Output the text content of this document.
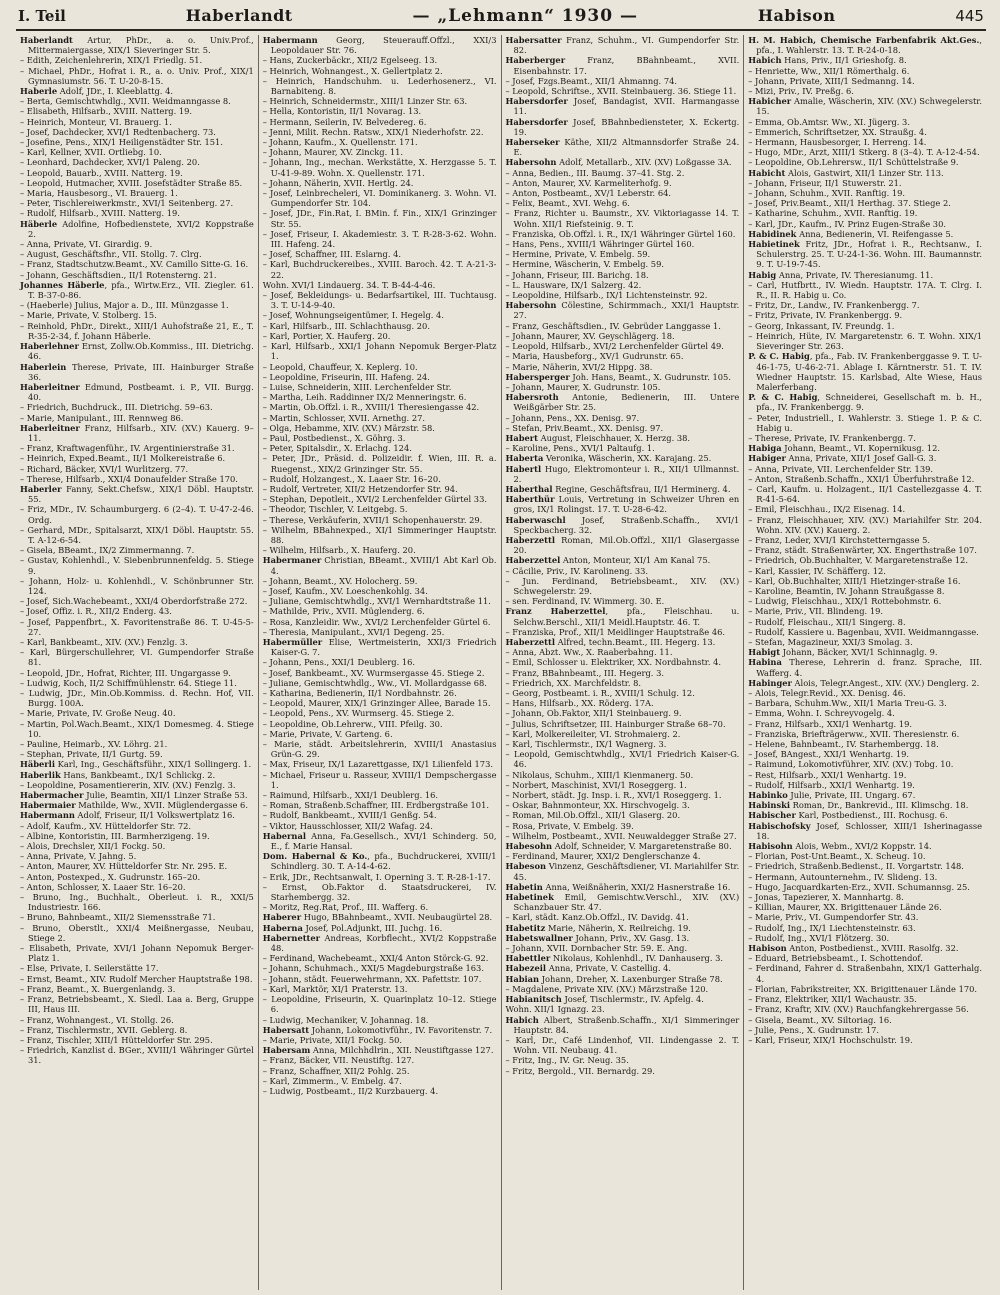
I. Teil	Haberlandt	— „Lehmann“ 1930 —	Habison	445

Haberlandt Artur, PhDr., a. o. Univ.Prof., Mittermaiergasse, XIX/1 Sieveringer Str. 5.

– Edith, Zeichenlehrerin, XIX/1 Friedlg. 51.

– Michael, PhDr., Hofrat i. R., a. o. Univ. Prof., XIX/1 Gymnasiumstr. 56. T. U-20-8-15.

Haberle Adolf, JDr., I. Kleeblattg. 4.

– Berta, Gemischtwhdlg., XVII. Weidmanngasse 8.

– Elisabeth, Hilfsarb., XVIII. Natterg. 19.

– Heinrich, Monteur, VI. Brauerg. 1.

– Josef, Dachdecker, XVI/1 Redtenbacherg. 73.

– Josefine, Pens., XIX/1 Heiligenstädter Str. 151.

– Karl, Kellner, XVII. Ortliebg. 10.

– Leonhard, Dachdecker, XVI/1 Paleng. 20.

– Leopold, Bauarb., XVIII. Natterg. 19.

– Leopold, Hutmacher, XVIII. Josefstädter Straße 85.

– Maria, Hausbesorg., VI. Brauerg. 1.

– Peter, Tischlereiwerkmstr., XVI/1 Seitenberg. 27.

– Rudolf, Hilfsarb., XVIII. Natterg. 19.

Häberle Adolfine, Hofbedienstete, XVI/2 Koppstraße 2.

– Anna, Private, VI. Girardig. 9.

– August, Geschäftsfhr., VII. Stollg. 7. Clrg.

– Franz, Stadtschutzw.Beamt., XV. Camillo Sitte-G. 16.

– Johann, Geschäftsdien., II/1 Rotensterng. 21.

Johannes Häberle, pfa., Wirtw.Erz., VII. Ziegler. 61. T. B-37-0-86.

– (Haeberle) Julius, Major a. D., III. Münzgasse 1.

– Marie, Private, V. Stolberg. 15.

– Reinhold, PhDr., Direkt., XIII/1 Auhofstraße 21, E., T. R-35-2-34, f. Johann Häberle.

Haberlehner Ernst, Zollw.Ob.Kommiss., III. Dietrichg. 46.

Haberlein Therese, Private, III. Hainburger Straße 36.

Haberleitner Edmund, Postbeamt. i. P., VII. Burgg. 40.

– Friedrich, Buchdruck., III. Dietrichg. 59–63.

– Marie, Manipulant., III. Rennweg 86.

Haberleitner Franz, Hilfsarb., XIV. (XV.) Kauerg. 9–11.

– Franz, Kraftwagenführ., IV. Argentinierstraße 31.

– Heinrich, Exped.Beamt., II/1 Molkereistraße 6.

– Richard, Bäcker, XVI/1 Wurlitzerg. 77.

– Therese, Hilfsarb., XXI/4 Donaufelder Straße 170.

Haberler Fanny, Sekt.Chefsw., XIX/1 Döbl. Hauptstr. 55.

– Friz, MDr., IV. Schaumburgerg. 6 (2–4). T. U-47-2-46. Ordg.

– Gerhard, MDr., Spitalsarzt, XIX/1 Döbl. Hauptstr. 55. T. A-12-6-54.

– Gisela, BBeamt., IX/2 Zimmermanng. 7.

– Gustav, Kohlenhdl., V. Siebenbrunnenfeldg. 5. Stiege 9.

– Johann, Holz- u. Kohlenhdl., V. Schönbrunner Str. 124.

– Josef, Sich.Wachebeamt., XXI/4 Oberdorfstraße 272.

– Josef, Offiz. i. R., XII/2 Enderg. 43.

– Josef, Pappenfbrt., X. Favoritenstraße 86. T. U-45-5-27.

– Karl, Bankbeamt., XIV. (XV.) Fenzlg. 3.

– Karl, Bürgerschullehrer, VI. Gumpendorfer Straße 81.

– Leopold, JDr., Hofrat, Richter, III. Ungargasse 9.

– Ludwig, Koch, II/2 Schiffmühlenstr. 64. Stiege 11.

– Ludwig, JDr., Min.Ob.Kommiss. d. Rechn. Hof, VII. Burgg. 100A.

– Marie, Private, IV. Große Neug. 40.

– Martin, Pol.Wach.Beamt., XIX/1 Domesmeg. 4. Stiege 10.

– Pauline, Heimarb., XV. Löhrg. 21.

– Stephan, Private, II/1 Gurtg. 59.

Häberli Karl, Ing., Geschäftsführ., XIX/1 Sollingerg. 1.

Haberlik Hans, Bankbeamt., IX/1 Schlickg. 2.

– Leopoldine, Posamentiererin, XIV. (XV.) Fenzlg. 3.

Habermacher Julie, Beamtin, XII/1 Linzer Straße 53.

Habermaier Mathilde, Ww., XVII. Müglendergasse 6.

Habermann Adolf, Friseur, II/1 Volkswertplatz 16.

– Adolf, Kaufm., XV. Hütteldorfer Str. 72.

– Albine, Kontoristin, III. Barmherzigeng. 19.

– Alois, Drechsler, XII/1 Fockg. 50.

– Anna, Private, V. Jahng. 5.

– Anton, Maurer, XV. Hütteldorfer Str. Nr. 295. E.

– Anton, Postexped., X. Gudrunstr. 165–20.

– Anton, Schlosser, X. Laaer Str. 16–20.

– Bruno, Ing., Buchhalt., Oberleut. i. R., XXI/5 Industriestr. 166.

– Bruno, Bahnbeamt., XII/2 Siemensstraße 71.

– Bruno, Oberstlt., XXI/4 Meißnergasse, Neubau, Stiege 2.

– Elisabeth, Private, XVI/1 Johann Nepomuk Berger-Platz 1.

– Else, Private, I. Seilerstätte 17.

– Ernst, Beamt., XIV. Rudolf Mercher Hauptstraße 198.

– Franz, Beamt., X. Buergenlandg. 3.

– Franz, Betriebsbeamt., X. Siedl. Laa a. Berg, Gruppe III, Haus III.

– Franz, Wohnangest., VI. Stollg. 26.

– Franz, Tischlermstr., XVII. Geblerg. 8.

– Franz, Tischler, XIII/1 Hütteldorfer Str. 295.

– Friedrich, Kanzlist d. BGer., XVIII/1 Währinger Gürtel 31.

Habermann Georg, Steuerauff.Offzl., XXI/3 Leopoldauer Str. 76.

– Hans, Zuckerbäckr., XII/2 Egelseeg. 13.

– Heinrich, Wohnangest., X. Gellertplatz 2.

– Heinrich, Handschuhm. u. Lederhosenerz., VI. Barnabiteng. 8.

– Heinrich, Schneidermstr., XIII/1 Linzer Str. 63.

– Hella, Kontoristin, II/1 Novarag. 13.

– Hermann, Seilerin, IV. Belvedereg. 6.

– Jenni, Milit. Rechn. Ratsw., XIX/1 Niederhofstr. 22.

– Johann, Kaufm., X. Quellenstr. 171.

– Johann, Maurer, XV. Zinckg. 11.

– Johann, Ing., mechan. Werkstätte, X. Herzgasse 5. T. U-41-9-89. Wohn. X. Quellenstr. 171.

– Johann, Näherin, XVII. Hertlg. 24.

– Josef, Leinbrecheleri, VI. Dominikanerg. 3. Wohn. VI. Gumpendorfer Str. 104.

– Josef, JDr., Fin.Rat, I. BMin. f. Fin., XIX/1 Grinzinger Str. 55.

– Josef, Friseur, I. Akademiestr. 3. T. R-28-3-62. Wohn. III. Hafeng. 24.

– Josef, Schaffner, III. Eslarng. 4.

– Karl, Buchdruckereibes., XVIII. Baroch. 42. T. A-21-3-22.

Wohn. XVI/1 Lindauerg. 34. T. B-44-4-46.

– Josef, Bekleidungs- u. Bedarfsartikel, III. Tuchtausg. 3. T. U-14-9-40.

– Josef, Wohnungseigentümer, I. Hegelg. 4.

– Karl, Hilfsarb., III. Schlachthausg. 20.

– Karl, Portier, X. Hauferg. 20.

– Karl, Hilfsarb., XXI/1 Johann Nepomuk Berger-Platz 1.

– Leopold, Chauffeur, X. Keplerg. 10.

– Leopoldine, Friseurin, III. Hafeng. 24.

– Luise, Schneiderin, XIII. Lerchenfelder Str.

– Martha, Leih. Raddinner IX/2 Menneringstr. 6.

– Martin, Ob.Offzl. i. R., XVIII/1 Theresiengasse 42.

– Martin, Schlosser, XVII. Arnethg. 27.

– Olga, Hebamme, XIV. (XV.) Märzstr. 58.

– Paul, Postbedienst., X. Göhrg. 3.

– Peter, Spitalsdir., X. Erlachg. 124.

– Peter, JDr., Präsid. d. Polizeidir. f. Wien, III. R. a. Ruegenst., XIX/2 Grinzinger Str. 55.

– Rudolf, Holzangest., X. Laaer Str. 16–20.

– Rudolf, Vertreter, XII/2 Hetzendorfer Str. 94.

– Stephan, Depotleit., XVI/2 Lerchenfelder Gürtel 33.

– Theodor, Tischler, V. Leitgebg. 5.

– Therese, Verkäuferin, XVII/1 Schopenhauerstr. 29.

– Wilhelm, BBahnexped., XI/1 Simmeringer Hauptstr. 88.

– Wilhelm, Hilfsarb., X. Hauferg. 20.

Habermaner Christian, BBeamt., XVIII/1 Abt Karl Ob. 4.

– Johann, Beamt., XV. Holocherg. 59.

– Josef, Kaufm., XV. Loeschenkohlg. 34.

– Juliane, Gemischtwhdlg., XVI/1 Wernhardtstraße 11.

– Mathilde, Priv., XVII. Müglenderg. 6.

– Rosa, Kanzleidir. Ww., XVI/2 Lerchenfelder Gürtel 6.

– Theresia, Manipulant., XVI/1 Degeng. 25.

Habermüller Elise, Wertmeisterin, XXI/3 Friedrich Kaiser-G. 7.

– Johann, Pens., XXI/1 Deublerg. 16.

– Josef, Bankbeamt., XV. Wurmsergasse 45. Stiege 2.

– Juliane, Gemischtwhdlg., Ww., VI. Mollardgasse 68.

– Katharina, Bedienerin, II/1 Nordbahnstr. 26.

– Leopold, Maurer, XIX/1 Grinzinger Allee, Barade 15.

– Leopold, Pens., XV. Wurmserg. 45. Stiege 2.

– Leopoldine, Ob.Lehrerw., VIII. Pfeilg. 30.

– Marie, Private, V. Garteng. 6.

– Marie, städt. Arbeitslehrerin, XVIII/1 Anastasius Grün-G. 29.

– Max, Friseur, IX/1 Lazarettgasse, IX/1 Lilienfeld 173.

– Michael, Friseur u. Rasseur, XVIII/1 Dempschergasse 1.

– Raimund, Hilfsarb., XXI/1 Deublerg. 16.

– Roman, Straßenb.Schaffner, III. Erdbergstraße 101.

– Rudolf, Bankbeamt., XVIII/1 Genßg. 54.

– Viktor, Hausschlosser, XII/2 Wafag. 24.

Habernal Anna, Fa.Gesellsch., XVI/1 Schinderg. 50, E., f. Marie Hansal.

Dom. Habernal & Ko., pfa., Buchdruckerei, XVIII/1 Schindlerg. 30. T. A-14-4-62.

– Erik, JDr., Rechtsanwalt, I. Operning 3. T. R-28-1-17.

– Ernst, Ob.Faktor d. Staatsdruckerei, IV. Starhembergg. 32.

– Moritz, Reg.Rat, Prof., III. Wafferg. 6.

Haberer Hugo, BBahnbeamt., XVII. Neubaugürtel 28.

Haberna Josef, Pol.Adjunkt, III. Juchg. 16.

Habernetter Andreas, Korbflecht., XVI/2 Koppstraße 48.

– Ferdinand, Wachebeamt., XXI/4 Anton Störck-G. 92.

– Johann, Schuhmach., XXI/5 Magdeburgstraße 163.

– Johann, städt. Feuerwehrmann, XX. Pafettstr. 107.

– Karl, Marktör, XI/1 Praterstr. 13.

– Leopoldine, Friseurin, X. Quarinplatz 10–12. Stiege 6.

– Ludwig, Mechaniker, V. Johannag. 18.

Habersatt Johann, Lokomotivführ., IV. Favoritenstr. 7.

– Marie, Private, XII/1 Fockg. 50.

Habersam Anna, Milchhdlrin., XII. Neustiftgasse 127.

– Franz, Bäcker, VII. Neustiftg. 127.

– Franz, Schaffner, XII/2 Pohlg. 25.

– Karl, Zimmerm., V. Embelg. 47.

– Ludwig, Postbeamt., II/2 Kurzbauerg. 4.

Habersatter Franz, Schuhm., VI. Gumpendorfer Str. 82.

Haberberger Franz, BBahnbeamt., XVII. Eisenbahnstr. 17.

– Josef, Fzgs.Beamt., XII/1 Ahmanng. 74.

– Leopold, Schriftse., XVII. Steinbauerg. 36. Stiege 11.

Habersdorfer Josef, Bandagist, XVII. Harmangasse 11.

Habersdorfer Josef, BBahnbediensteter, X. Eckertg. 19.

Haberseker Käthe, XII/2 Altmannsdorfer Straße 24. E.

Habersohn Adolf, Metallarb., XIV. (XV) Loßgasse 3A.

– Anna, Bedien., III. Baumg. 37–41. Stg. 2.

– Anton, Maurer, XV. Karmeliterhofg. 9.

– Anton, Postbeamt., XV/1 Leberstr. 64.

– Felix, Beamt., XVI. Wehg. 6.

– Franz, Richter u. Baumstr., XV. Viktoriagasse 14. T. Wohn. XII/1 Riefsteinig. 9. T.

– Franziska, Ob.Offzl. i. R., IX/1 Währinger Gürtel 160.

– Hans, Pens., XVIII/1 Währinger Gürtel 160.

– Hermine, Private, V. Embelg. 59.

– Hermine, Wäscherin, V. Embelg. 59.

– Johann, Friseur, III. Barichg. 18.

– L. Hausware, IX/1 Salzerg. 42.

– Leopoldine, Hilfsarb., IX/1 Lichtensteinstr. 92.

Habersohn Cölestine, Schirmmach., XXI/1 Hauptstr. 27.

– Franz, Geschäftsdien., IV. Gebrüder Langgasse 1.

– Johann, Maurer, XV. Geyschlägerg. 18.

– Leopold, Hilfsarb., XVI/2 Lerchenfelder Gürtel 49.

– Maria, Hausbeforg., XV/1 Gudrunstr. 65.

– Marie, Näherin, XVI/2 Hippg. 38.

Habersperger Joh. Hans, Beamt., X. Gudrunstr. 105.

– Johann, Maurer, X. Gudrunstr. 105.

Habersroth Antonie, Bedienerin, III. Untere Weißgärber Str. 25.

– Johann, Pens., XX. Denisg. 97.

– Stefan, Priv.Beamt., XX. Denisg. 97.

Habert August, Fleischhauer, X. Herzg. 38.

– Karoline, Pens., XVI/1 Paltaufg. 1.

Haberta Veronika, Wäscherin, XX. Karajang. 25.

Habertl Hugo, Elektromonteur i. R., XII/1 Ullmannst. 2.

Haberthal Regine, Geschäftsfrau, II/1 Herminerg. 4.

Haberthür Louis, Vertretung in Schweizer Uhren en gros, IX/1 Rolingst. 17. T. U-28-6-42.

Haberwaschl Josef, Straßenb.Schaffn., XVI/1 Speckbacherg. 32.

Haberzettl Roman, Mil.Ob.Offzl., XII/1 Glasergasse 20.

Haberzettel Anton, Monteur, XI/1 Am Kanal 75.

– Cäcilie, Priv., IV. Karolineng. 33.

– Jun. Ferdinand, Betriebsbeamt., XIV. (XV.) Schwegelerstr. 29.

– sen. Ferdinand, IV. Wimmerg. 30. E.

Franz Haberzettel, pfa., Fleischhau. u. Selchw.Berschl., XII/1 Meidl.Hauptstr. 46. T.

– Franziska, Prof., XII/1 Meidlinger Hauptstraße 46.

Haberzettl Alfred, techn.Beamt., III. Hegerg. 13.

– Anna, Abzt. Ww., X. Raaberbahng. 11.

– Emil, Schlosser u. Elektriker, XX. Nordbahnstr. 4.

– Franz, BBahnbeamt., III. Hegerg. 3.

– Friedrich, XX. Marchfeldstr. 8.

– Georg, Postbeamt. i. R., XVIII/1 Schulg. 12.

– Hans, Hilfsarb., XX. Röderg. 17A.

– Johann, Ob.Faktor, XII/1 Steinbauerg. 9.

– Julius, Schriftsetzer, III. Hainburger Straße 68–70.

– Karl, Molkereileiter, VI. Strohmaierg. 2.

– Karl, Tischlermstr., IX/1 Wagnerg. 3.

– Leopold, Gemischtwhdlg., XVI/1 Friedrich Kaiser-G. 46.

– Nikolaus, Schuhm., XIII/1 Kienmanerg. 50.

– Norbert, Maschinist, XVI/1 Roseggerg. 1.

– Norbert, städt. Jg. Insp. i. R., XVI/1 Roseggerg. 1.

– Oskar, Bahnmonteur, XX. Hirschvogelg. 3.

– Roman, Mil.Ob.Offzl., XII/1 Glaserg. 20.

– Rosa, Private, V. Embelg. 39.

– Wilhelm, Postbeamt., XVII. Neuwaldegger Straße 27.

Habesohn Adolf, Schneider, V. Margaretenstraße 80.

– Ferdinand, Maurer, XXI/2 Denglerschanze 4.

Habeson Vinzenz, Geschäftsdiener, VI. Mariahilfer Str. 45.

Habetin Anna, Weißnäherin, XXI/2 Hasnerstraße 16.

Habetinek Emil, Gemischtw.Verschl., XIV. (XV.) Schanzbauer Str. 47.

– Karl, städt. Kanz.Ob.Offzl., IV. Davidg. 41.

Habetitz Marie, Näherin, X. Reilreichg. 19.

Habetswallner Johann, Priv., XV. Gasg. 13.

– Johann, XVII. Dornbacher Str. 59. E. Ang.

Habettler Nikolaus, Kohlenhdl., IV. Danhauserg. 3.

Habezeil Anna, Private, V. Castellig. 4.

Habian Johann, Dreher, X. Laxenburger Straße 78.

– Magdalene, Private XIV. (XV.) Märzstraße 120.

Habianitsch Josef, Tischlermstr., IV. Apfelg. 4.

Wohn. XII/1 Ignazg. 23.

Habich Albert, Straßenb.Schaffn., XI/1 Simmeringer Hauptstr. 84.

– Karl, Dr., Café Lindenhof, VII. Lindengasse 2. T. Wohn. VII. Neubaug. 41.

– Fritz, Ing., IV. Gr. Neug. 35.

– Fritz, Bergold., VII. Bernardg. 29.

H. M. Habich, Chemische Farbenfabrik Akt.Ges., pfa., I. Wahlerstr. 13. T. R-24-0-18.

Habich Hans, Priv., II/1 Grieshofg. 8.

– Henriette, Ww., XII/1 Römerthalg. 6.

– Johann, Private, XIII/1 Sedmanng. 14.

– Mizi, Priv., IV. Preßg. 6.

Habicher Amalie, Wäscherin, XIV. (XV.) Schwegelerstr. 15.

– Emma, Ob.Amtsr. Ww., XI. Jügerg. 3.

– Emmerich, Schriftsetzer, XX. Straußg. 4.

– Hermann, Hausbesorger, I. Herreng. 14.

– Hugo, MDr., Arzt, XIII/1 Stkerg. 8 (3–4). T. A-12-4-54.

– Leopoldine, Ob.Lehrersw., II/1 Schüttelstraße 9.

Habicht Alois, Gastwirt, XII/1 Linzer Str. 113.

– Johann, Friseur, II/1 Stuwerstr. 21.

– Johann, Schuhm., XVII. Ranftig. 19.

– Josef, Priv.Beamt., XII/1 Herthag. 37. Stiege 2.

– Katharine, Schuhm., XVII. Ranftig. 19.

– Karl, JDr., Kaufm., IV. Prinz Eugen-Straße 30.

Habidinek Anna, Bedienerin, VI. Reifengasse 5.

Habietinek Fritz, JDr., Hofrat i. R., Rechtsanw., I. Schulerstrg. 25. T. U-24-1-36. Wohn. III. Baumannstr. 9. T. U-19-7-45.

Habig Anna, Private, IV. Theresianumg. 11.

– Carl, Hutfbrtt., IV. Wiedn. Hauptstr. 17A. T. Clrg. I. R., II. R. Habig u. Co.

– Fritz, Dr., Landw., IV. Frankenbergg. 7.

– Fritz, Private, IV. Frankenbergg. 9.

– Georg, Inkassant, IV. Freundg. 1.

– Heinrich, Hüte, IV. Margaretenstr. 6. T. Wohn. XIX/1 Sieveringer Str. 263.

P. & C. Habig, pfa., Fab. IV. Frankenberggasse 9. T. U-46-1-75, U-46-2-71. Ablage I. Kärntnerstr. 51. T. IV. Wiedner Hauptstr. 15. Karlsbad, Alte Wiese, Haus Malerferbang.

P. & C. Habig, Schneiderei, Gesellschaft m. b. H., pfa., IV. Frankenbergg. 9.

– Peter, Industriell., I. Wahlerstr. 3. Stiege 1. P. & C. Habig u.

– Therese, Private, IV. Frankenbergg. 7.

Habiga Johann, Beamt., VI. Kopernikusg. 12.

Habiger Anna, Private, XII/1 Josef Gall-G. 3.

– Anna, Private, VII. Lerchenfelder Str. 139.

– Anton, Straßenb.Schaffn., XXI/1 Überfuhrstraße 12.

– Carl, Kaufm. u. Holzagent., II/1 Castellezgasse 4. T. R-41-5-64.

– Emil, Fleischhau., IX/2 Eisenag. 14.

– Franz, Fleischhauer, XIV. (XV.) Mariahilfer Str. 204. Wohn. XIV. (XV.) Kauerg. 2.

– Franz, Leder, XVI/1 Kirchstetterngasse 5.

– Franz, städt. Straßenwärter, XX. Engerthstraße 107.

– Friedrich, Ob.Buchhalter, V. Margaretenstraße 12.

– Karl, Kassier, IV. Schäfferg. 12.

– Karl, Ob.Buchhalter, XIII/1 Hietzinger-straße 16.

– Karoline, Beamtin, IV. Johann Straußgasse 8.

– Ludwig, Fleischhau., XIX/1 Rottebohmstr. 6.

– Marie, Priv., VII. Blindeng. 19.

– Rudolf, Fleischau., XII/1 Singerg. 8.

– Rudolf, Kassiere u. Bagenbau, XVII. Weidmanngasse.

– Stefan, Magazineur, XXI/3 Smolag. 3.

Habigt Johann, Bäcker, XVI/1 Schinnaglg. 9.

Habina Therese, Lehrerin d. franz. Sprache, III. Wafferg. 4.

Habinger Alois, Telegr.Angest., XIV. (XV.) Denglerg. 2.

– Alois, Telegr.Revid., XX. Denisg. 46.

– Barbara, Schuhm.Ww., XII/1 Maria Treu-G. 3.

– Emma, Wohn. I. Schreyvogelg. 4.

– Franz, Hilfsarb., XXI/1 Wenhartg. 19.

– Franziska, Briefträgerww., XVII. Theresienstr. 6.

– Helene, Bahnbeamt., IV. Starhembergg. 18.

– Josef, BAngest., XXI/1 Wenhartg. 19.

– Raimund, Lokomotivführer, XIV. (XV.) Tobg. 10.

– Rest, Hilfsarb., XXI/1 Wenhartg. 19.

– Rudolf, Hilfsarb., XXI/1 Wenhartg. 19.

Habinko Julie, Private, III. Ungarg. 67.

Habinski Roman, Dr., Bankrevid., III. Klimschg. 18.

Habischer Karl, Postbedienst., III. Rochusg. 6.

Habischofsky Josef, Schlosser, XIII/1 Isherinagasse 18.

Habisohn Alois, Webm., XVI/2 Koppstr. 14.

– Florian, Post-Unt.Beamt., X. Scheug. 10.

– Friedrich, Straßenb.Bedienst., II. Vorgartstr. 148.

– Hermann, Autounternehm., IV. Slideng. 13.

– Hugo, Jacquardkarten-Erz., XVII. Schumannsg. 25.

– Jonas, Tapezierer, X. Mannhartg. 8.

– Killian, Maurer, XX. Brigittenauer Lände 26.

– Marie, Priv., VI. Gumpendorfer Str. 43.

– Rudolf, Ing., IX/1 Liechtensteinstr. 63.

– Rudolf, Ing., XVI/1 Flötzerg. 30.

Habison Anton, Postbedienst., XVIII. Rasolfg. 32.

– Eduard, Betriebsbeamt., I. Schottendof.

– Ferdinand, Fahrer d. Straßenbahn, XIX/1 Gatterhalg. 4.

– Florian, Fabrikstreiter, XX. Brigittenauer Lände 170.

– Franz, Elektriker, XII/1 Wachaustr. 35.

– Franz, Kraftr, XIV. (XV.) Rauchfangkehrergasse 56.

– Gisela, Beamt., XV. Siltoriag. 16.

– Julie, Pens., X. Gudrunstr. 17.

– Karl, Friseur, XIX/1 Hochschulstr. 19.
